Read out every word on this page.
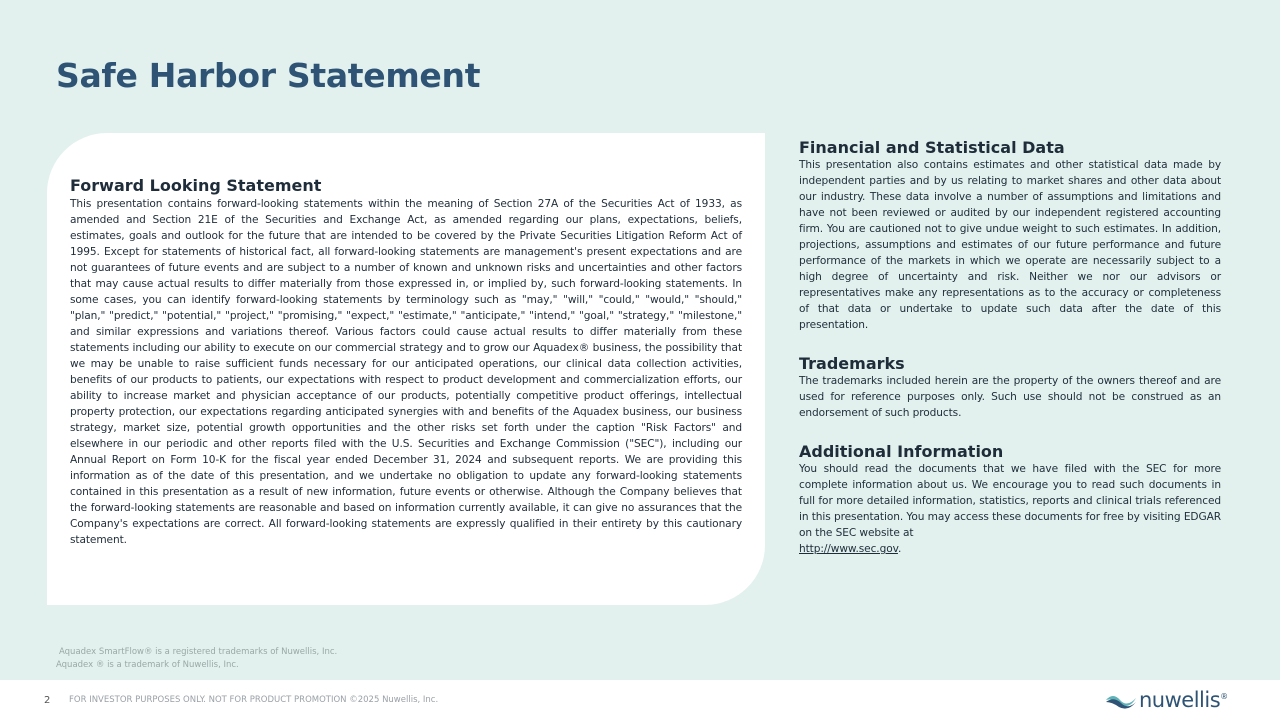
Safe Harbor Statement
Forward Looking Statement
This presentation contains forward-looking statements within the meaning of Section 27A of the Securities Act of 1933, as amended and Section 21E of the Securities and Exchange Act, as amended regarding our plans, expectations, beliefs, estimates, goals and outlook for the future that are intended to be covered by the Private Securities Litigation Reform Act of 1995. Except for statements of historical fact, all forward-looking statements are management's present expectations and are not guarantees of future events and are subject to a number of known and unknown risks and uncertainties and other factors that may cause actual results to differ materially from those expressed in, or implied by, such forward-looking statements. In some cases, you can identify forward-looking statements by terminology such as "may," "will," "could," "would," "should," "plan," "predict," "potential," "project," "promising," "expect," "estimate," "anticipate," "intend," "goal," "strategy," "milestone," and similar expressions and variations thereof. Various factors could cause actual results to differ materially from these statements including our ability to execute on our commercial strategy and to grow our Aquadex® business, the possibility that we may be unable to raise sufficient funds necessary for our anticipated operations, our clinical data collection activities, benefits of our products to patients, our expectations with respect to product development and commercialization efforts, our ability to increase market and physician acceptance of our products, potentially competitive product offerings, intellectual property protection, our expectations regarding anticipated synergies with and benefits of the Aquadex business, our business strategy, market size, potential growth opportunities and the other risks set forth under the caption "Risk Factors" and elsewhere in our periodic and other reports filed with the U.S. Securities and Exchange Commission ("SEC"), including our Annual Report on Form 10-K for the fiscal year ended December 31, 2024 and subsequent reports. We are providing this information as of the date of this presentation, and we undertake no obligation to update any forward-looking statements contained in this presentation as a result of new information, future events or otherwise. Although the Company believes that the forward-looking statements are reasonable and based on information currently available, it can give no assurances that the Company's expectations are correct. All forward-looking statements are expressly qualified in their entirety by this cautionary statement.
Financial and Statistical Data
This presentation also contains estimates and other statistical data made by independent parties and by us relating to market shares and other data about our industry. These data involve a number of assumptions and limitations and have not been reviewed or audited by our independent registered accounting firm. You are cautioned not to give undue weight to such estimates. In addition, projections, assumptions and estimates of our future performance and future performance of the markets in which we operate are necessarily subject to a high degree of uncertainty and risk. Neither we nor our advisors or representatives make any representations as to the accuracy or completeness of that data or undertake to update such data after the date of this presentation.
Trademarks
The trademarks included herein are the property of the owners thereof and are used for reference purposes only. Such use should not be construed as an endorsement of such products.
Additional Information
You should read the documents that we have filed with the SEC for more complete information about us. We encourage you to read such documents in full for more detailed information, statistics, reports and clinical trials referenced in this presentation. You may access these documents for free by visiting EDGAR on the SEC website at
http://www.sec.gov.
Aquadex SmartFlow® is a registered trademarks of Nuwellis, Inc.
Aquadex ® is a trademark of Nuwellis, Inc.
2 FOR INVESTOR PURPOSES ONLY. NOT FOR PRODUCT PROMOTION ©2025 Nuwellis, Inc.	nuwellis ®
